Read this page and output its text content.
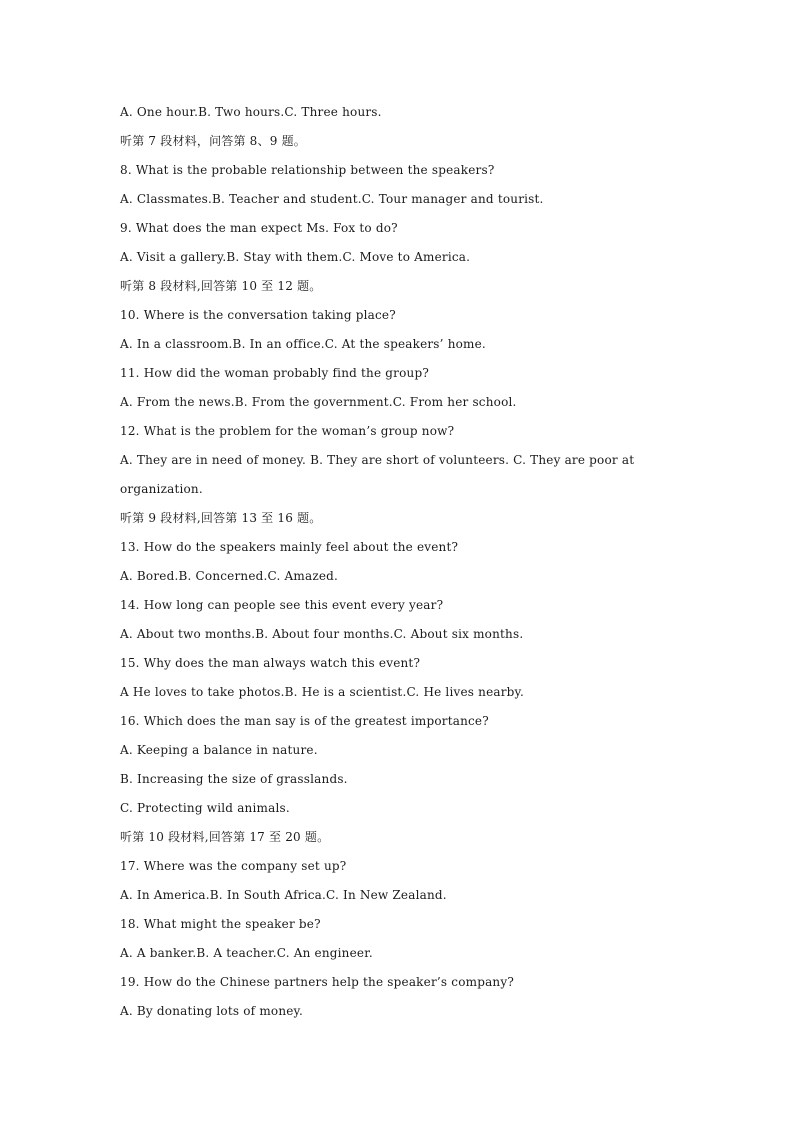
A. One hour.B. Two hours.C. Three hours.
听第 7 段材料，问答第 8、9 题。
8. What is the probable relationship between the speakers?
A. Classmates.B. Teacher and student.C. Tour manager and tourist.
9. What does the man expect Ms. Fox to do?
A. Visit a gallery.B. Stay with them.C. Move to America.
听第 8 段材料,回答第 10 至 12 题。
10. Where is the conversation taking place?
A. In a classroom.B. In an office.C. At the speakers’ home.
11. How did the woman probably find the group?
A. From the news.B. From the government.C. From her school.
12. What is the problem for the woman’s group now?
A. They are in need of money. B. They are short of volunteers. C. They are poor at
organization.
听第 9 段材料,回答第 13 至 16 题。
13. How do the speakers mainly feel about the event?
A. Bored.B. Concerned.C. Amazed.
14. How long can people see this event every year?
A. About two months.B. About four months.C. About six months.
15. Why does the man always watch this event?
A He loves to take photos.B. He is a scientist.C. He lives nearby.
16. Which does the man say is of the greatest importance?
A. Keeping a balance in nature.
B. Increasing the size of grasslands.
C. Protecting wild animals.
听第 10 段材料,回答第 17 至 20 题。
17. Where was the company set up?
A. In America.B. In South Africa.C. In New Zealand.
18. What might the speaker be?
A. A banker.B. A teacher.C. An engineer.
19. How do the Chinese partners help the speaker’s company?
A. By donating lots of money.
